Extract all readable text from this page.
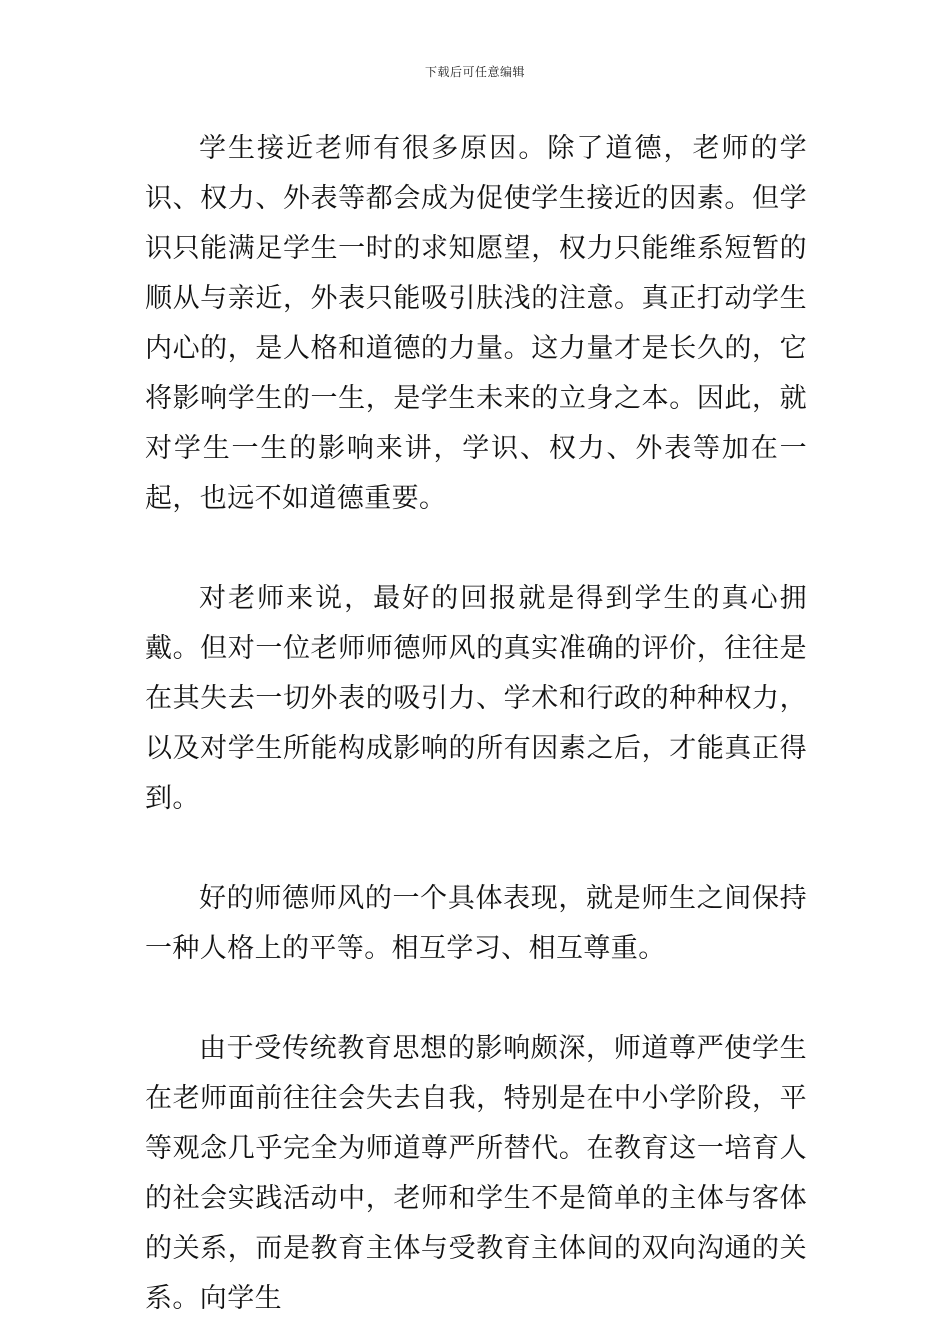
下载后可任意编辑

学生接近老师有很多原因。除了道德，老师的学识、权力、外表等都会成为促使学生接近的因素。但学识只能满足学生一时的求知愿望，权力只能维系短暂的顺从与亲近，外表只能吸引肤浅的注意。真正打动学生内心的，是人格和道德的力量。这力量才是长久的，它将影响学生的一生，是学生未来的立身之本。因此，就对学生一生的影响来讲，学识、权力、外表等加在一起，也远不如道德重要。

对老师来说，最好的回报就是得到学生的真心拥戴。但对一位老师师德师风的真实准确的评价，往往是在其失去一切外表的吸引力、学术和行政的种种权力，以及对学生所能构成影响的所有因素之后，才能真正得到。

好的师德师风的一个具体表现，就是师生之间保持一种人格上的平等。相互学习、相互尊重。

由于受传统教育思想的影响颇深，师道尊严使学生在老师面前往往会失去自我，特别是在中小学阶段，平等观念几乎完全为师道尊严所替代。在教育这一培育人的社会实践活动中，老师和学生不是简单的主体与客体的关系，而是教育主体与受教育主体间的双向沟通的关系。向学生
